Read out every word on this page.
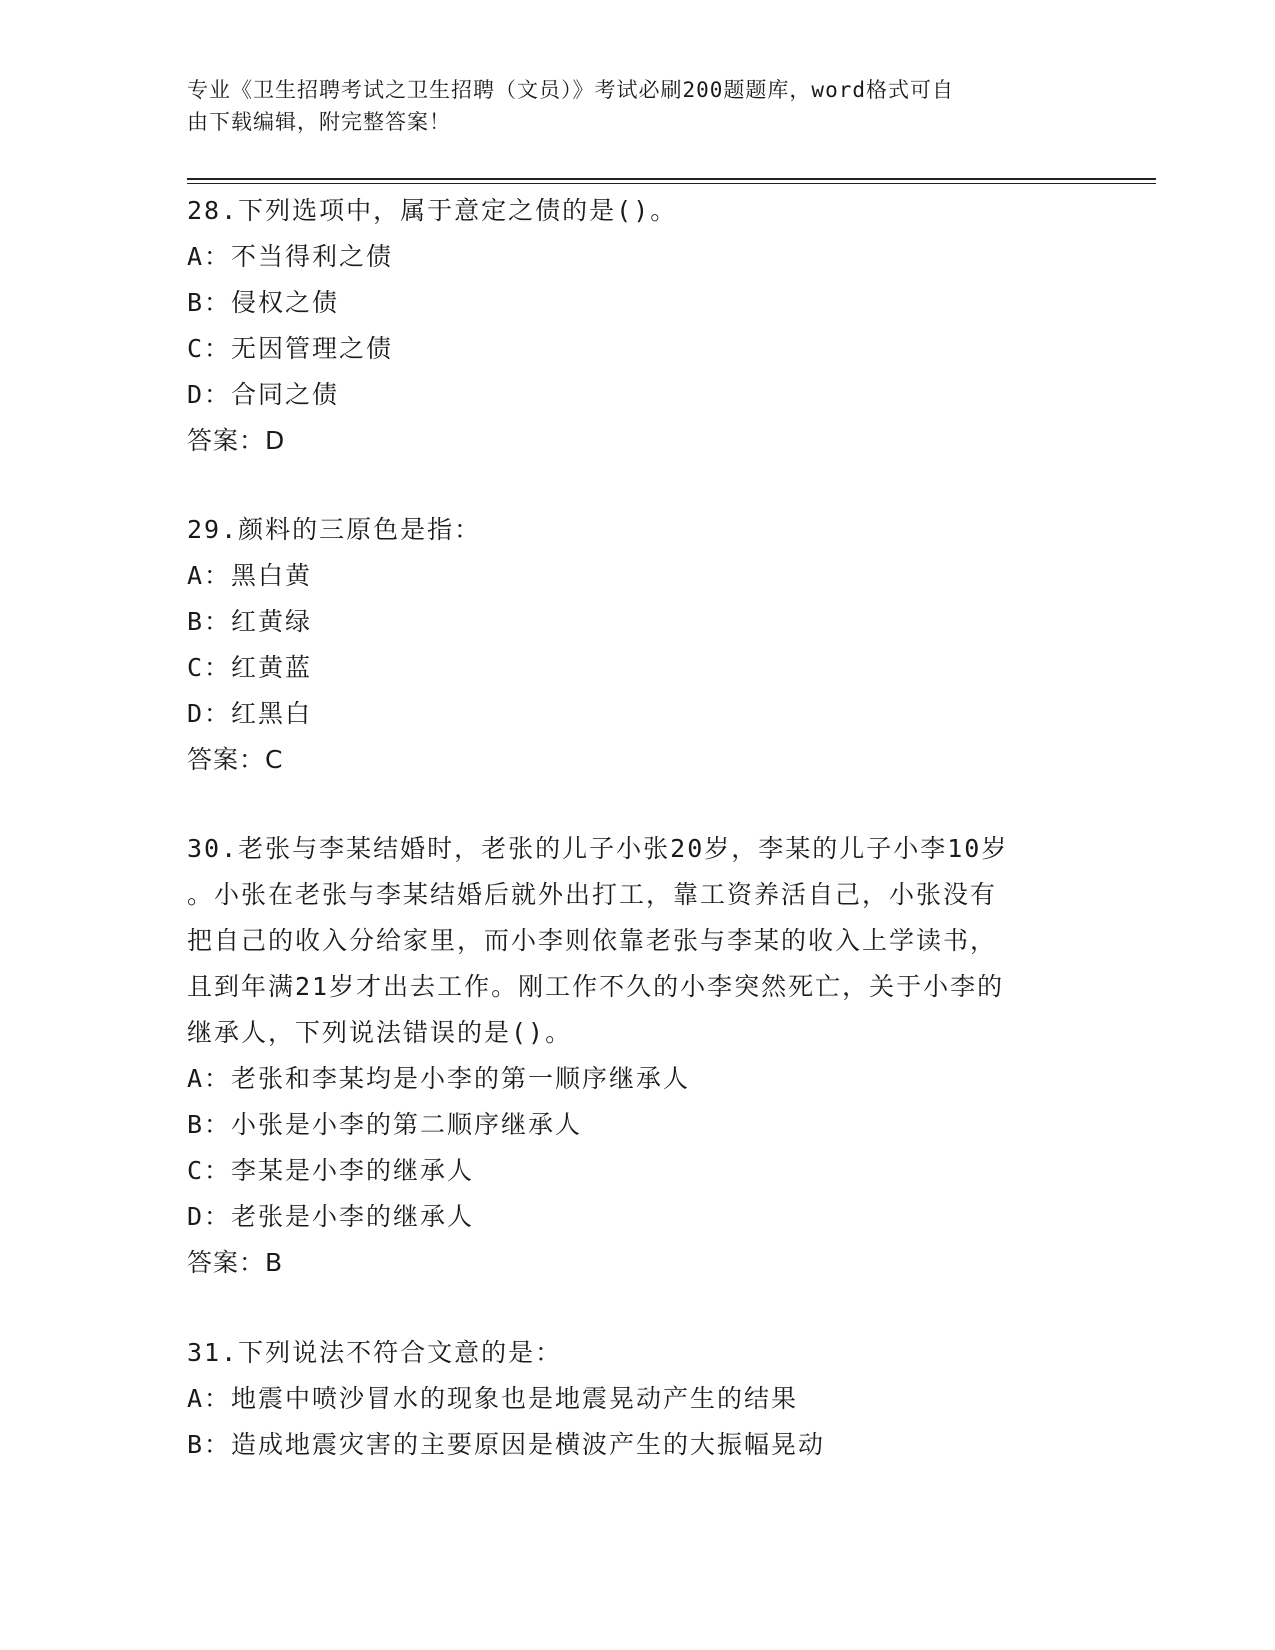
专业《卫生招聘考试之卫生招聘（文员）》考试必刷200题题库，word格式可自
由下载编辑，附完整答案！
28.下列选项中，属于意定之债的是()。
A：不当得利之债
B：侵权之债
C：无因管理之债
D：合同之债
答案：D
29.颜料的三原色是指：
A：黑白黄
B：红黄绿
C：红黄蓝
D：红黑白
答案：C
30.老张与李某结婚时，老张的儿子小张20岁，李某的儿子小李10岁
。小张在老张与李某结婚后就外出打工，靠工资养活自己，小张没有
把自己的收入分给家里，而小李则依靠老张与李某的收入上学读书，
且到年满21岁才出去工作。刚工作不久的小李突然死亡，关于小李的
继承人，下列说法错误的是()。
A：老张和李某均是小李的第一顺序继承人
B：小张是小李的第二顺序继承人
C：李某是小李的继承人
D：老张是小李的继承人
答案：B
31.下列说法不符合文意的是：
A：地震中喷沙冒水的现象也是地震晃动产生的结果
B：造成地震灾害的主要原因是横波产生的大振幅晃动
